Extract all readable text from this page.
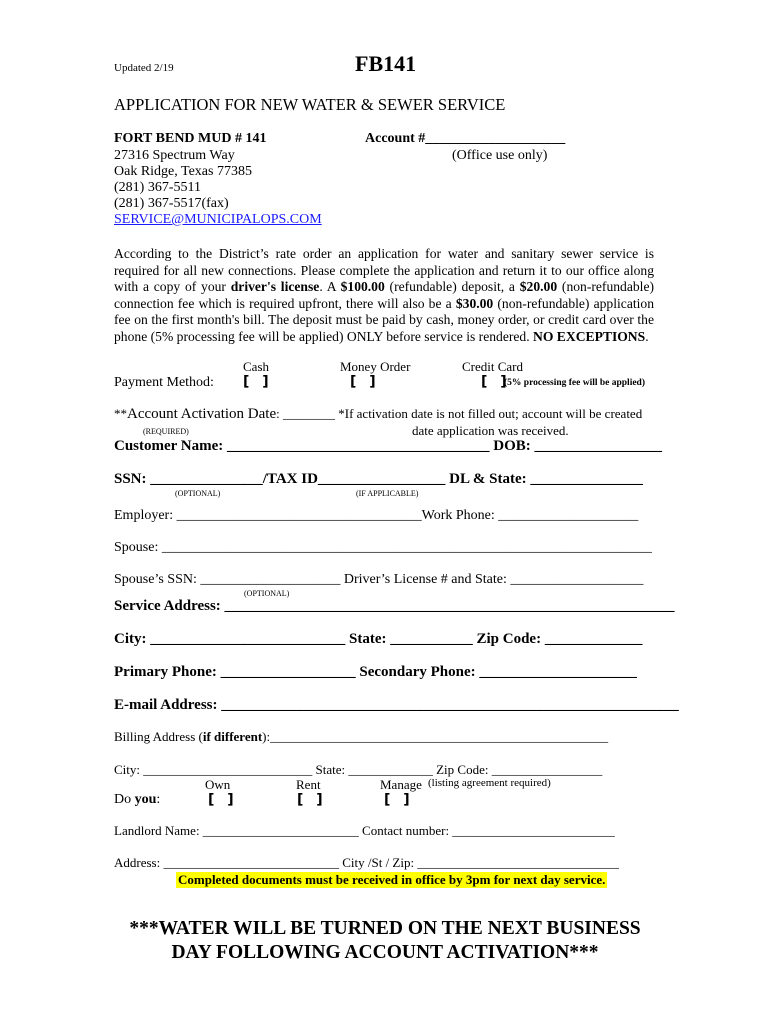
Updated 2/19	FB141
APPLICATION FOR NEW WATER & SEWER SERVICE
FORT BEND MUD # 141
27316 Spectrum Way
Oak Ridge, Texas 77385
(281) 367-5511
(281) 367-5517(fax)
SERVICE@MUNICIPALOPS.COM
Account #____________________
(Office use only)
According to the District’s rate order an application for water and sanitary sewer service is required for all new connections. Please complete the application and return it to our office along with a copy of your driver's license. A $100.00 (refundable) deposit, a $20.00 (non-refundable) connection fee which is required upfront, there will also be a $30.00 (non-refundable) application fee on the first month's bill. The deposit must be paid by cash, money order, or credit card over the phone (5% processing fee will be applied) ONLY before service is rendered. NO EXCEPTIONS.
Cash	Money Order	Credit Card
Payment Method: [ ]	[ ]	[ ]
(5% processing fee will be applied)
**Account Activation Date: ________ *If activation date is not filled out; account will be created
(REQUIRED)	date application was received.
Customer Name: ___________________________________ DOB: _________________
SSN: _______________/TAX ID_________________ DL & State: _______________
(OPTIONAL)	(IF APPLICABLE)
Employer: ___________________________________Work Phone: ____________________
Spouse: ______________________________________________________________________
Spouse’s SSN: ____________________ Driver’s License # and State: ___________________
(OPTIONAL)
Service Address: ____________________________________________________________
City: __________________________ State: ___________ Zip Code: _____________
Primary Phone: __________________ Secondary Phone: _____________________
E-mail Address: _____________________________________________________________
Billing Address (if different):____________________________________________________
City: __________________________ State: _____________ Zip Code: _________________
Own	Rent	Manage (listing agreement required)
Do you:	[ ]	[ ]	[ ]
Landlord Name: ________________________ Contact number: _________________________
Address: ___________________________ City /St / Zip: _______________________________
Completed documents must be received in office by 3pm for next day service.
***WATER WILL BE TURNED ON THE NEXT BUSINESS
DAY FOLLOWING ACCOUNT ACTIVATION***
